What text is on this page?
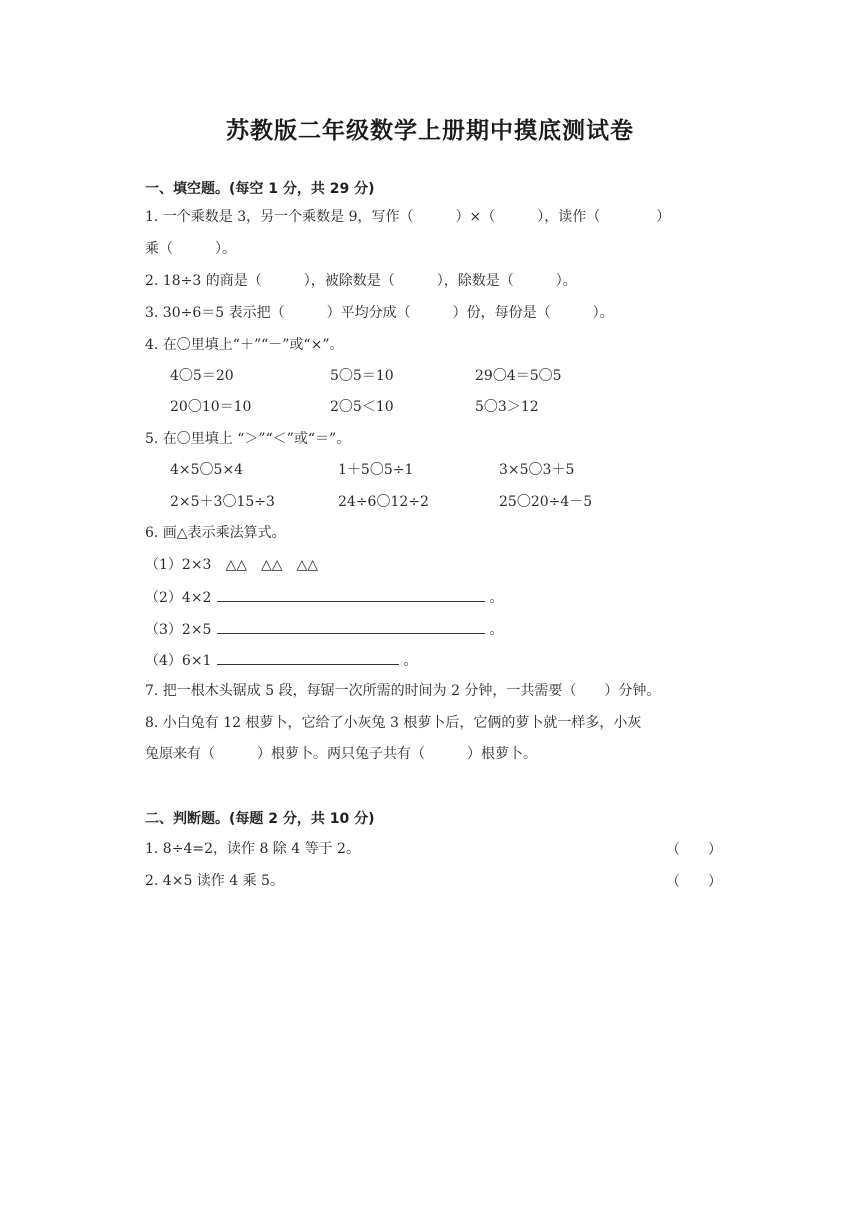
苏教版二年级数学上册期中摸底测试卷
一、填空题。(每空 1 分，共 29 分)
1. 一个乘数是 3，另一个乘数是 9，写作（　　　）×（　　　），读作（　　　　）
乘（　　　）。
2. 18÷3 的商是（　　　），被除数是（　　　），除数是（　　　）。
3. 30÷6＝5 表示把（　　　）平均分成（　　　）份，每份是（　　　）。
4. 在〇里填上“＋”“－”或“×”。
4〇5＝20	5〇5＝10	29〇4＝5〇5
20〇10＝10	2〇5＜10	5〇3＞12
5. 在〇里填上 “＞”“＜”或“＝”。
4×5〇5×4	1＋5〇5÷1	3×5〇3＋5
2×5＋3〇15÷3	24÷6〇12÷2	25〇20÷4－5
6. 画△表示乘法算式。
（1）2×3　△△　△△　△△
（2）4×2	。
（3）2×5	。
（4）6×1	。
7. 把一根木头锯成 5 段，每锯一次所需的时间为 2 分钟，一共需要（　　）分钟。
8. 小白兔有 12 根萝卜，它给了小灰兔 3 根萝卜后，它俩的萝卜就一样多，小灰
兔原来有（　　　）根萝卜。两只兔子共有（　　　）根萝卜。
二、判断题。(每题 2 分，共 10 分)
1. 8÷4=2，读作 8 除 4 等于 2。	（　　）
2. 4×5 读作 4 乘 5。	（　　）
